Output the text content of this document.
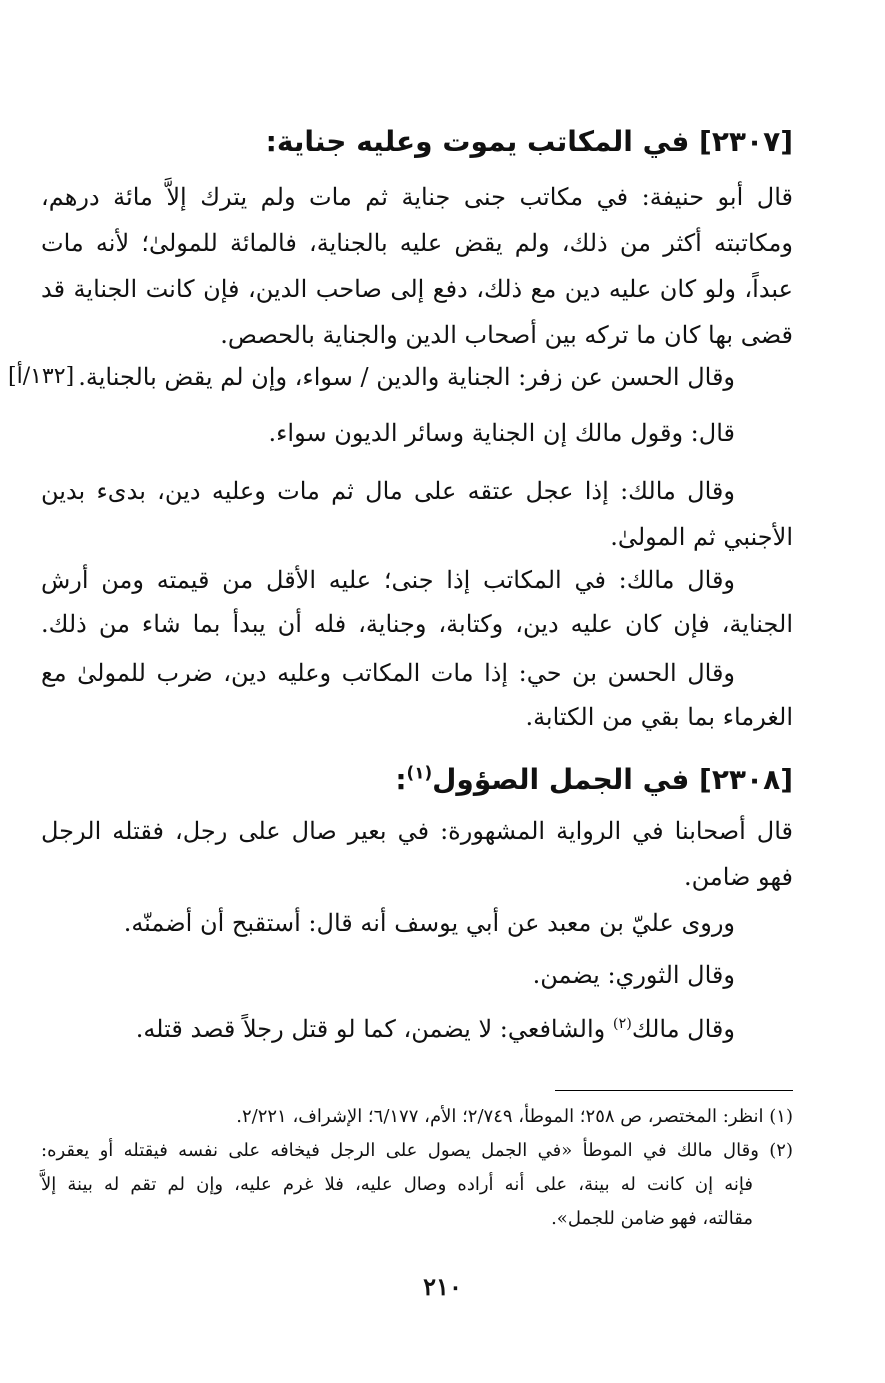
[٢٣٠٧] في المكاتب يموت وعليه جناية:
قال أبو حنيفة: في مكاتب جنى جناية ثم مات ولم يترك إلاَّ مائة درهم،
ومكاتبته أكثر من ذلك، ولم يقض عليه بالجناية، فالمائة للمولىٰ؛ لأنه مات
عبداً، ولو كان عليه دين مع ذلك، دفع إلى صاحب الدين، فإن كانت الجناية قد
قضى بها كان ما تركه بين أصحاب الدين والجناية بالحصص.
[١٣٢/أ] وقال الحسن عن زفر: الجناية والدين / سواء، وإن لم يقض بالجناية.
قال: وقول مالك إن الجناية وسائر الديون سواء.
وقال مالك: إذا عجل عتقه على مال ثم مات وعليه دين، بدىء بدين
الأجنبي ثم المولىٰ.
وقال مالك: في المكاتب إذا جنى؛ عليه الأقل من قيمته ومن أرش
الجناية، فإن كان عليه دين، وكتابة، وجناية، فله أن يبدأ بما شاء من ذلك.
وقال الحسن بن حي: إذا مات المكاتب وعليه دين، ضرب للمولىٰ مع
الغرماء بما بقي من الكتابة.
[٢٣٠٨] في الجمل الصؤول$^{(١)}$:
قال أصحابنا في الرواية المشهورة: في بعير صال على رجل، فقتله الرجل
فهو ضامن.
وروى عليّ بن معبد عن أبي يوسف أنه قال: أستقبح أن أضمنّه.
وقال الثوري: يضمن.
وقال مالك$^{(٢)}$ والشافعي: لا يضمن، كما لو قتل رجلاً قصد قتله.
(١) انظر: المختصر، ص ٢٥٨؛ الموطأ، ٢/٧٤٩؛ الأم، ٦/١٧٧؛ الإشراف، ٢/٢٢١.
(٢) وقال مالك في الموطأ «في الجمل يصول على الرجل فيخافه على نفسه فيقتله أو يعقره:
فإنه إن كانت له بينة، على أنه أراده وصال عليه، فلا غرم عليه، وإن لم تقم له بينة إلاَّ
مقالته، فهو ضامن للجمل».
٢١٠
